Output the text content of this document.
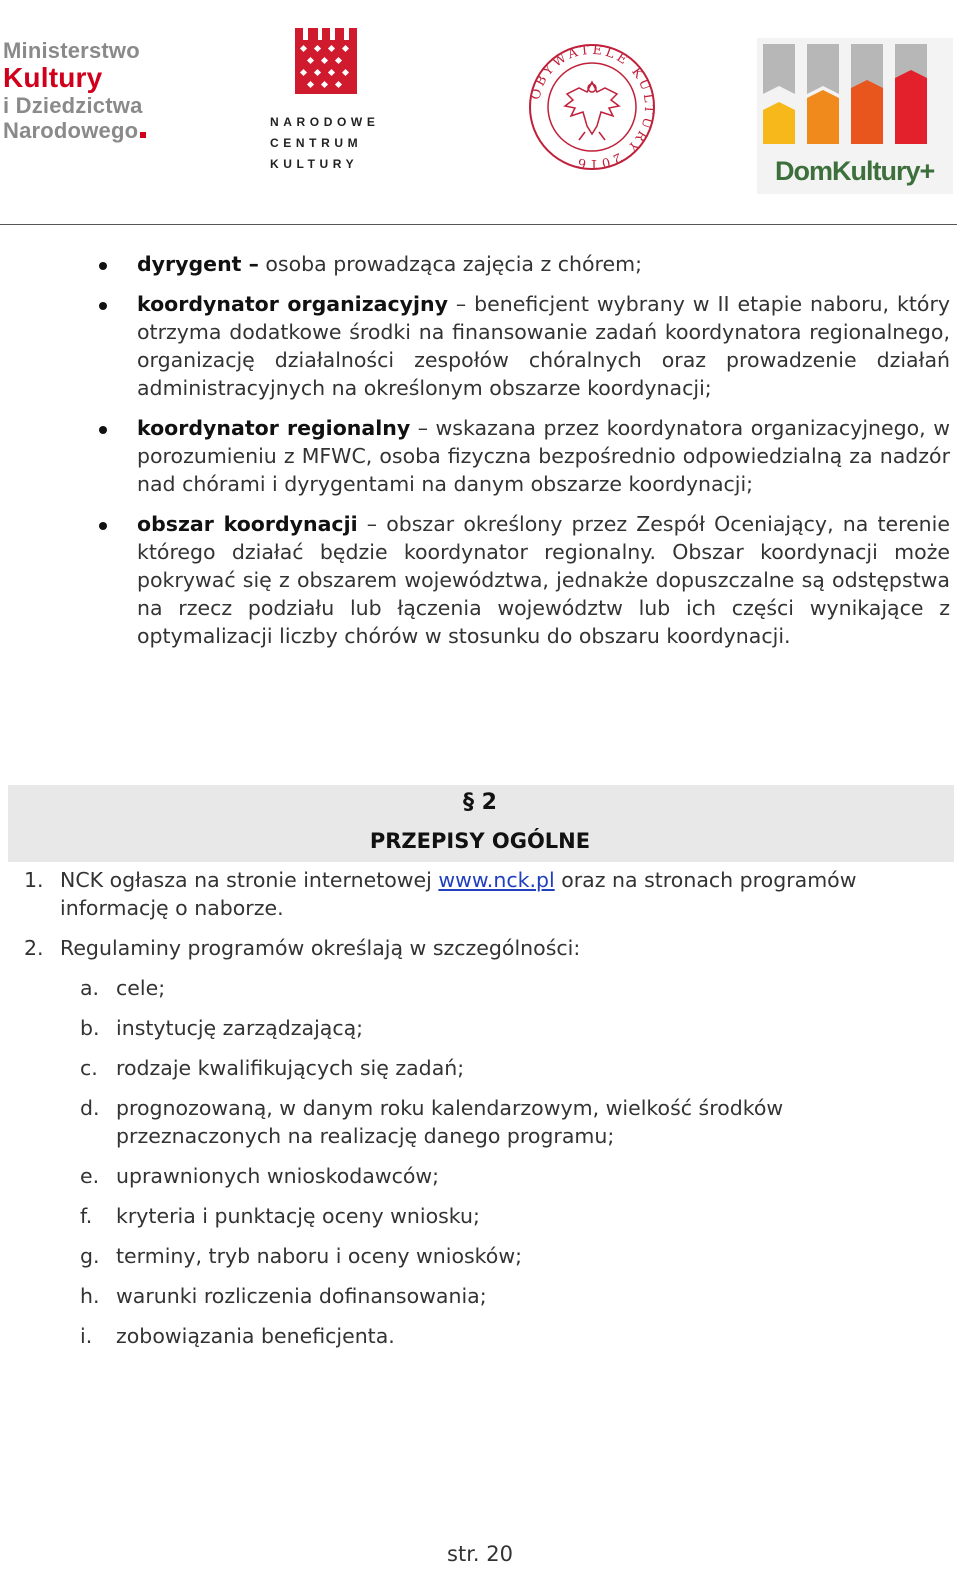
Ministerstwo
Kultury
i Dziedzictwa
Narodowego	NARODOWE
CENTRUM
KULTURY
OBYWATELE KULTURY 2016	DomKultury+
dyrygent – osoba prowadząca zajęcia z chórem;
koordynator organizacyjny – beneficjent wybrany w II etapie naboru, który otrzyma dodatkowe środki na finansowanie zadań koordynatora regionalnego, organizację działalności zespołów chóralnych oraz prowadzenie działań administracyjnych na określonym obszarze koordynacji;
koordynator regionalny – wskazana przez koordynatora organizacyjnego, w porozumieniu z MFWC, osoba fizyczna bezpośrednio odpowiedzialną za nadzór nad chórami i dyrygentami na danym obszarze koordynacji;
obszar koordynacji – obszar określony przez Zespół Oceniający, na terenie którego działać będzie koordynator regionalny. Obszar koordynacji może pokrywać się z obszarem województwa, jednakże dopuszczalne są odstępstwa na rzecz podziału lub łączenia województw lub ich części wynikające z optymalizacji liczby chórów w stosunku do obszaru koordynacji.
§ 2
PRZEPISY OGÓLNE
1. NCK ogłasza na stronie internetowej www.nck.pl oraz na stronach programów informację o naborze.
2. Regulaminy programów określają w szczególności:
a. cele;
b. instytucję zarządzającą;
c. rodzaje kwalifikujących się zadań;
d. prognozowaną, w danym roku kalendarzowym, wielkość środków przeznaczonych na realizację danego programu;
e. uprawnionych wnioskodawców;
f. kryteria i punktację oceny wniosku;
g. terminy, tryb naboru i oceny wniosków;
h. warunki rozliczenia dofinansowania;
i. zobowiązania beneficjenta.
str. 20
